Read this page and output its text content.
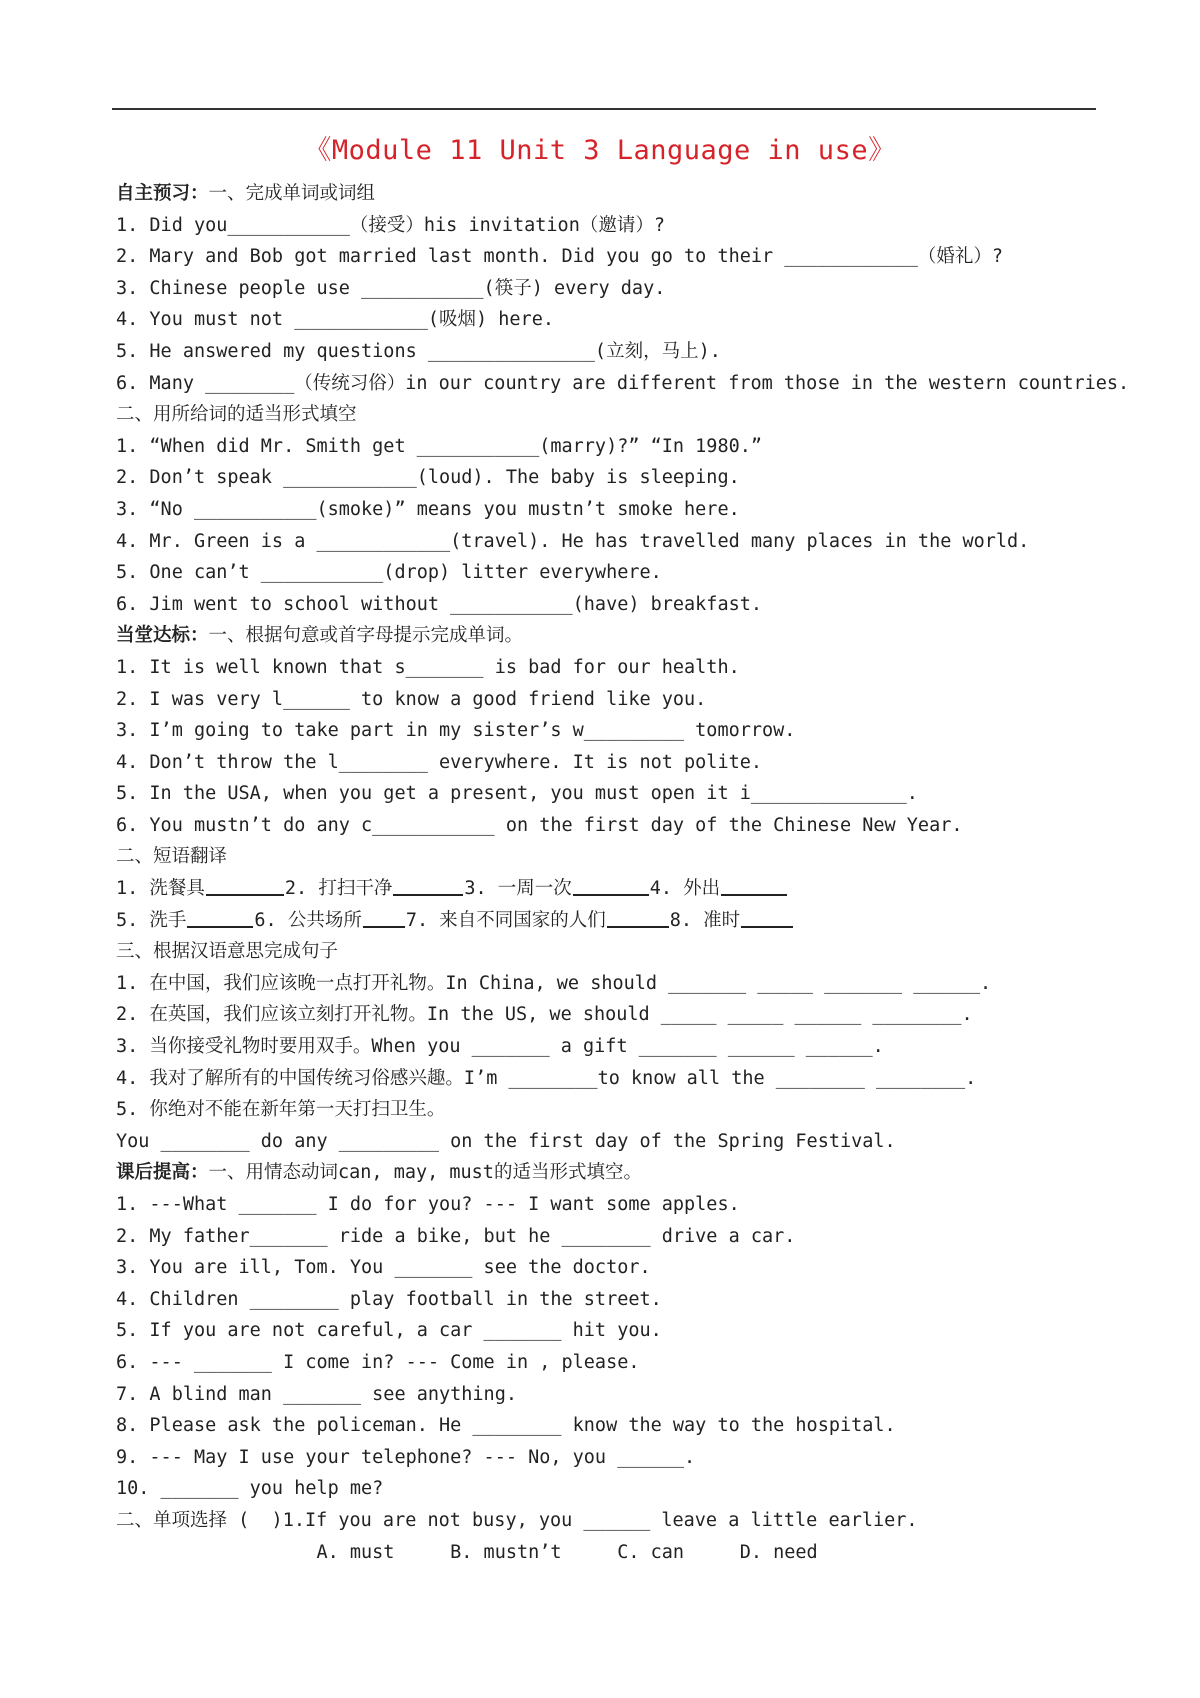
《Module 11 Unit 3 Language in use》
自主预习：一、完成单词或词组
1. Did you___________（接受）his invitation（邀请）?
2. Mary and Bob got married last month. Did you go to their ____________（婚礼）?
3. Chinese people use ___________(筷子) every day.
4. You must not ____________(吸烟) here.
5. He answered my questions _______________(立刻，马上).
6. Many ________（传统习俗）in our country are different from those in the western countries.
二、用所给词的适当形式填空
1. “When did Mr. Smith get ___________(marry)?” “In 1980.”
2. Don’t speak ____________(loud). The baby is sleeping.
3. “No ___________(smoke)” means you mustn’t smoke here.
4. Mr. Green is a ____________(travel). He has travelled many places in the world.
5. One can’t ___________(drop) litter everywhere.
6. Jim went to school without ___________(have) breakfast.
当堂达标：一、根据句意或首字母提示完成单词。
1. It is well known that s_______ is bad for our health.
2. I was very l______ to know a good friend like you.
3. I’m going to take part in my sister’s w_________ tomorrow.
4. Don’t throw the l________ everywhere. It is not polite.
5. In the USA, when you get a present, you must open it i______________.
6. You mustn’t do any c___________ on the first day of the Chinese New Year.
二、短语翻译
1. 洗餐具	2. 打扫干净	3. 一周一次	4. 外出
5. 洗手	6. 公共场所 7. 来自不同国家的人们	8. 准时
三、根据汉语意思完成句子
1. 在中国，我们应该晚一点打开礼物。In China, we should _______ _____ _______ ______.
2. 在英国，我们应该立刻打开礼物。In the US, we should _____ _____ ______ ________.
3. 当你接受礼物时要用双手。When you _______ a gift _______ ______ ______.
4. 我对了解所有的中国传统习俗感兴趣。I’m ________to know all the ________ ________.
5. 你绝对不能在新年第一天打扫卫生。
You ________ do any _________ on the first day of the Spring Festival.
课后提高：一、用情态动词can, may, must的适当形式填空。
1. ---What _______ I do for you? --- I want some apples.
2. My father_______ ride a bike, but he ________ drive a car.
3. You are ill, Tom. You _______ see the doctor.
4. Children ________ play football in the street.
5. If you are not careful, a car _______ hit you.
6. --- _______ I come in? --- Come in , please.
7. A blind man _______ see anything.
8. Please ask the policeman. He ________ know the way to the hospital.
9. --- May I use your telephone? --- No, you ______.
10. _______ you help me?
二、单项选择 (  )1.If you are not busy, you ______ leave a little earlier.
A. must     B. mustn’t     C. can     D. need
